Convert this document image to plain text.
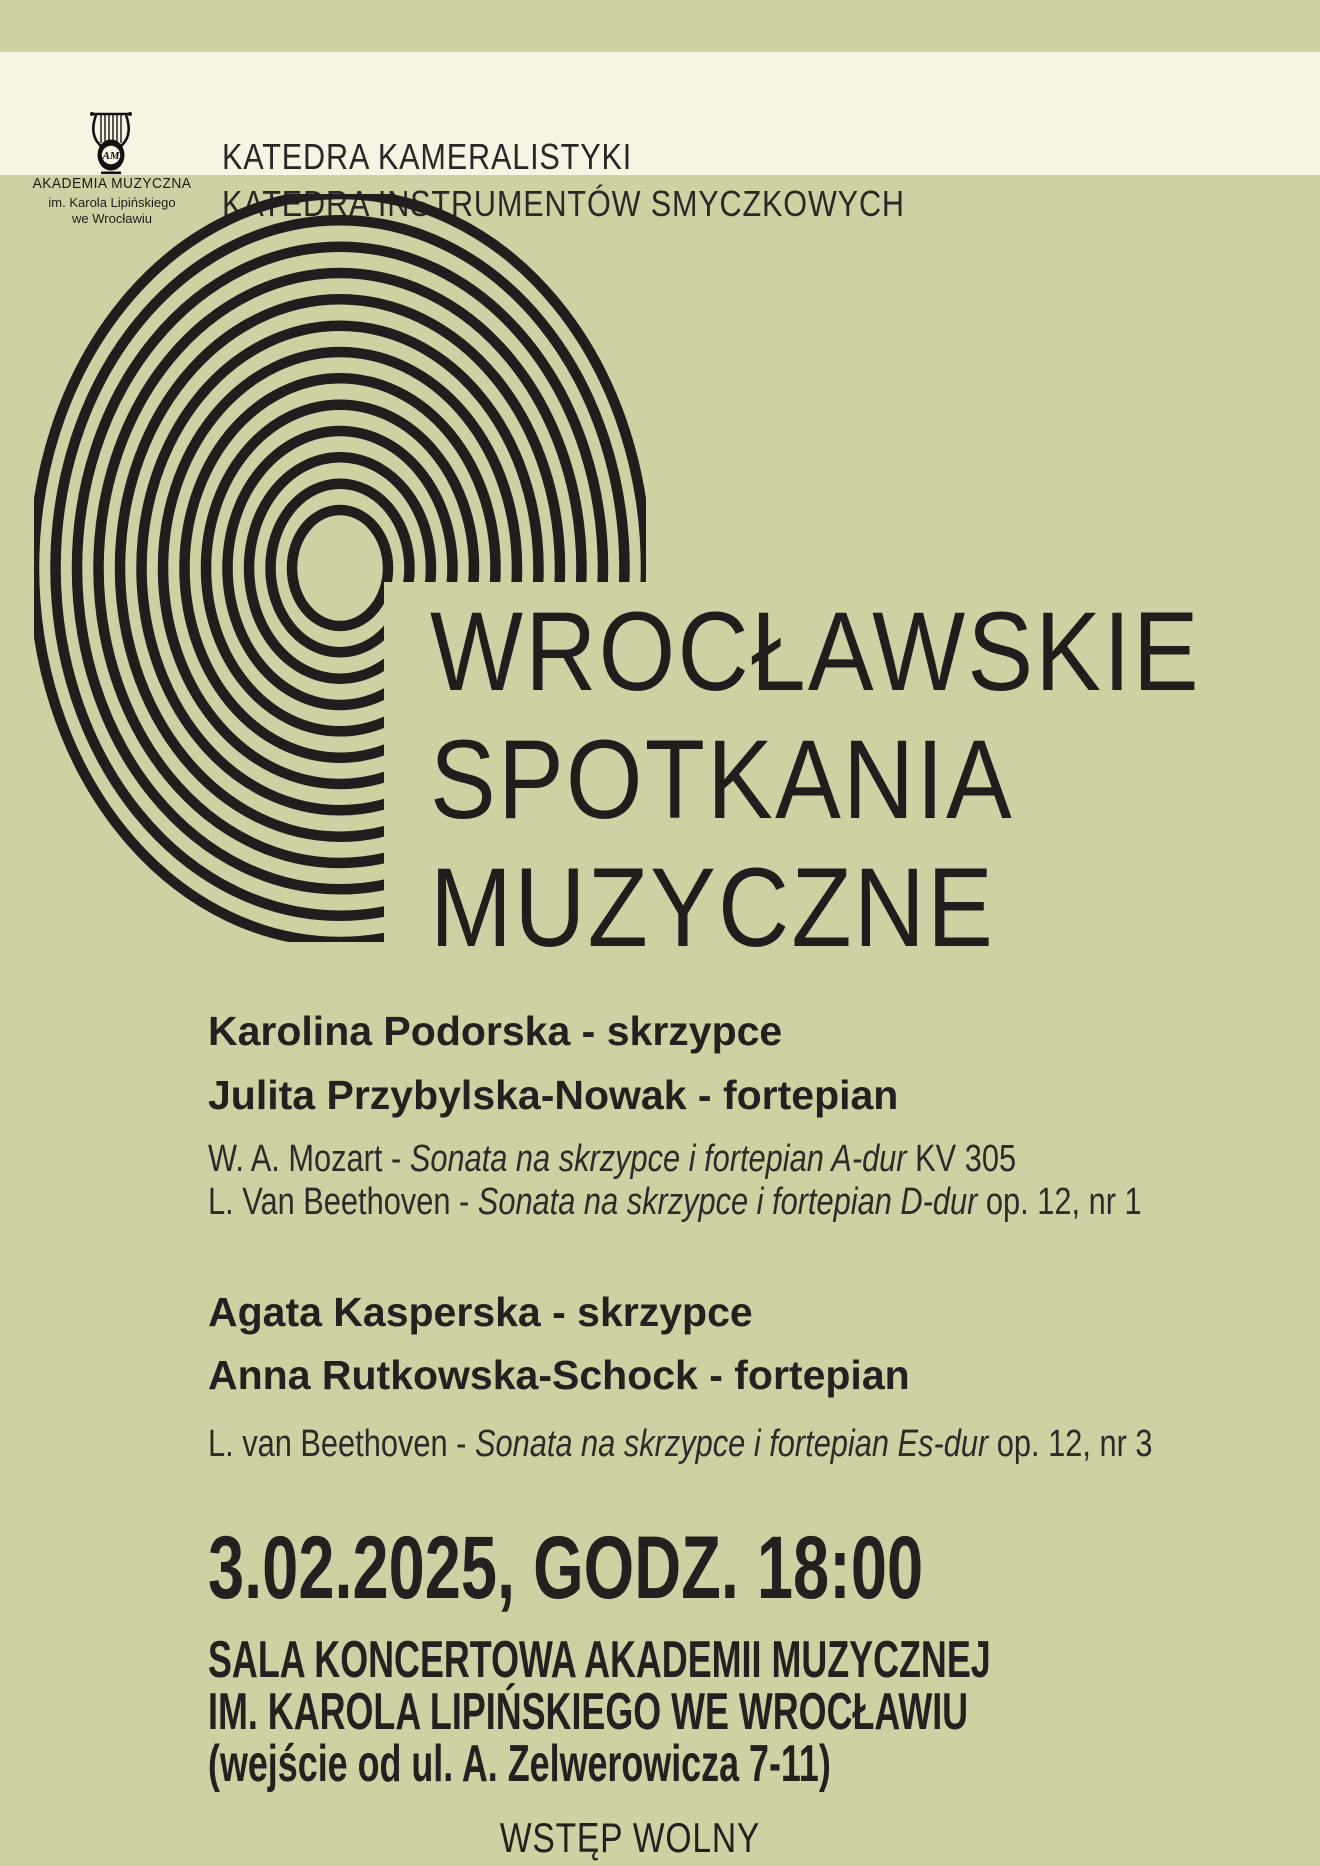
AM
AKADEMIA MUZYCZNA
im. Karola Lipińskiego
we Wrocławiu
KATEDRA KAMERALISTYKI
KATEDRA INSTRUMENTÓW SMYCZKOWYCH
WROCŁAWSKIE
SPOTKANIA
MUZYCZNE
Karolina Podorska - skrzypce
Julita Przybylska-Nowak - fortepian
W. A. Mozart - Sonata na skrzypce i fortepian A-dur KV 305
L. Van Beethoven - Sonata na skrzypce i fortepian D-dur op. 12, nr 1
Agata Kasperska - skrzypce
Anna Rutkowska-Schock - fortepian
L. van Beethoven - Sonata na skrzypce i fortepian Es-dur op. 12, nr 3
3.02.2025, GODZ. 18:00
SALA KONCERTOWA AKADEMII MUZYCZNEJ
IM. KAROLA LIPIŃSKIEGO WE WROCŁAWIU
(wejście od ul. A. Zelwerowicza 7-11)
WSTĘP WOLNY
